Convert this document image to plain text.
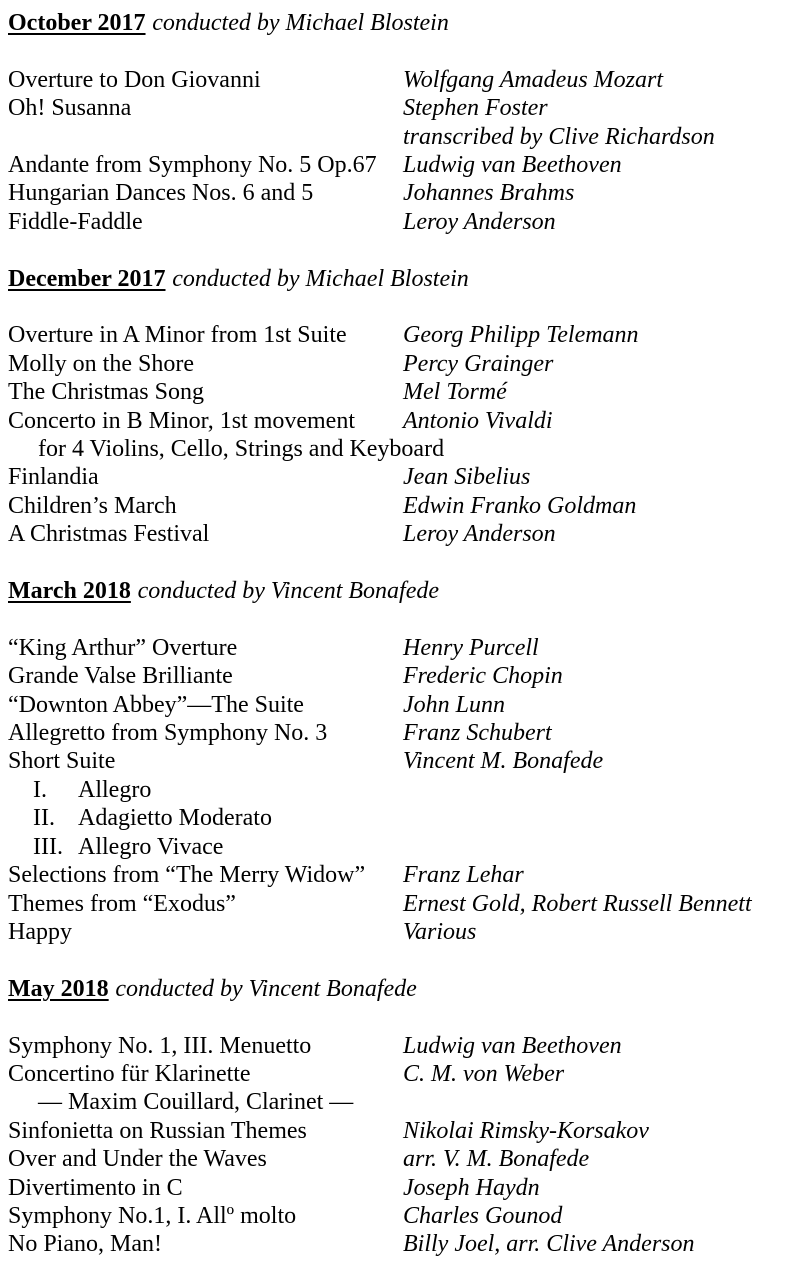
October 2017 conducted by Michael Blostein
Overture to Don Giovanni	Wolfgang Amadeus Mozart
Oh! Susanna	Stephen Foster
transcribed by Clive Richardson
Andante from Symphony No. 5 Op.67	Ludwig van Beethoven
Hungarian Dances Nos. 6 and 5	Johannes Brahms
Fiddle-Faddle	Leroy Anderson
December 2017 conducted by Michael Blostein
Overture in A Minor from 1st Suite	Georg Philipp Telemann
Molly on the Shore	Percy Grainger
The Christmas Song	Mel Tormé
Concerto in B Minor, 1st movement	Antonio Vivaldi
for 4 Violins, Cello, Strings and Keyboard
Finlandia	Jean Sibelius
Children’s March	Edwin Franko Goldman
A Christmas Festival	Leroy Anderson
March 2018 conducted by Vincent Bonafede
“King Arthur” Overture	Henry Purcell
Grande Valse Brilliante	Frederic Chopin
“Downton Abbey”—The Suite	John Lunn
Allegretto from Symphony No. 3	Franz Schubert
Short Suite	Vincent M. Bonafede
I.	Allegro
II. Adagietto Moderato
III. Allegro Vivace
Selections from “The Merry Widow”	Franz Lehar
Themes from “Exodus”	Ernest Gold, Robert Russell Bennett
Happy	Various
May 2018 conducted by Vincent Bonafede
Symphony No. 1, III. Menuetto	Ludwig van Beethoven
Concertino für Klarinette	C. M. von Weber
— Maxim Couillard, Clarinet —
Sinfonietta on Russian Themes	Nikolai Rimsky-Korsakov
Over and Under the Waves	arr. V. M. Bonafede
Divertimento in C	Joseph Haydn
Symphony No.1, I. Allº molto	Charles Gounod
No Piano, Man!	Billy Joel, arr. Clive Anderson
